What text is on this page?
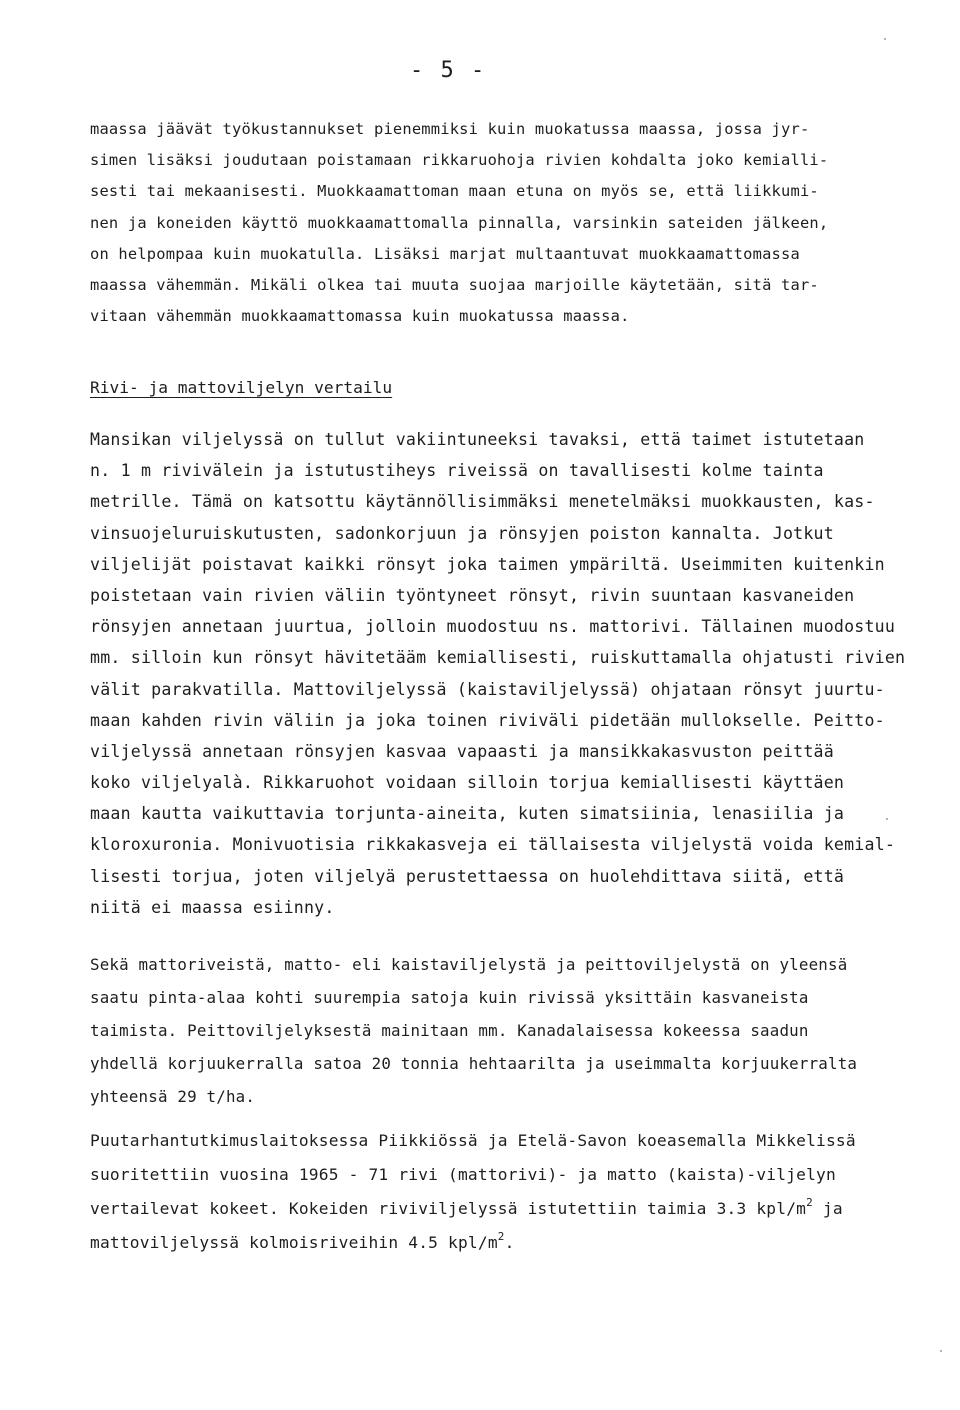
- 5 -
maassa jäävät työkustannukset pienemmiksi kuin muokatussa maassa, jossa jyr-
simen lisäksi joudutaan poistamaan rikkaruohoja rivien kohdalta joko kemialli-
sesti tai mekaanisesti. Muokkaamattoman maan etuna on myös se, että liikkumi-
nen ja koneiden käyttö muokkaamattomalla pinnalla, varsinkin sateiden jälkeen,
on helpompaa kuin muokatulla. Lisäksi marjat multaantuvat muokkaamattomassa
maassa vähemmän. Mikäli olkea tai muuta suojaa marjoille käytetään, sitä tar-
vitaan vähemmän muokkaamattomassa kuin muokatussa maassa.
Rivi- ja mattoviljelyn vertailu
Mansikan viljelyssä on tullut vakiintuneeksi tavaksi, että taimet istutetaan
n. 1 m rivivälein ja istutustiheys riveissä on tavallisesti kolme tainta
metrille. Tämä on katsottu käytännöllisimmäksi menetelmäksi muokkausten, kas-
vinsuojeluruiskutusten, sadonkorjuun ja rönsyjen poiston kannalta. Jotkut
viljelijät poistavat kaikki rönsyt joka taimen ympäriltä. Useimmiten kuitenkin
poistetaan vain rivien väliin työntyneet rönsyt, rivin suuntaan kasvaneiden
rönsyjen annetaan juurtua, jolloin muodostuu ns. mattorivi. Tällainen muodostuu
mm. silloin kun rönsyt hävitetääm kemiallisesti, ruiskuttamalla ohjatusti rivien
välit parakvatilla. Mattoviljelyssä (kaistaviljelyssä) ohjataan rönsyt juurtu-
maan kahden rivin väliin ja joka toinen riviväli pidetään mullokselle. Peitto-
viljelyssä annetaan rönsyjen kasvaa vapaasti ja mansikkakasvuston peittää
koko viljelyalà. Rikkaruohot voidaan silloin torjua kemiallisesti käyttäen
maan kautta vaikuttavia torjunta-aineita, kuten simatsiinia, lenasiilia ja
kloroxuronia. Monivuotisia rikkakasveja ei tällaisesta viljelystä voida kemial-
lisesti torjua, joten viljelyä perustettaessa on huolehdittava siitä, että
niitä ei maassa esiinny.
Sekä mattoriveistä, matto- eli kaistaviljelystä ja peittoviljelystä on yleensä
saatu pinta-alaa kohti suurempia satoja kuin rivissä yksittäin kasvaneista
taimista. Peittoviljelyksestä mainitaan mm. Kanadalaisessa kokeessa saadun
yhdellä korjuukerralla satoa 20 tonnia hehtaarilta ja useimmalta korjuukerralta
yhteensä 29 t/ha.
Puutarhantutkimuslaitoksessa Piikkiössä ja Etelä-Savon koeasemalla Mikkelissä
suoritettiin vuosina 1965 - 71 rivi (mattorivi)- ja matto (kaista)-viljelyn
vertailevat kokeet. Kokeiden riviviljelyssä istutettiin taimia 3.3 kpl/$m^2$ ja
mattoviljelyssä kolmoisriveihin 4.5 kpl/$m^2$.
